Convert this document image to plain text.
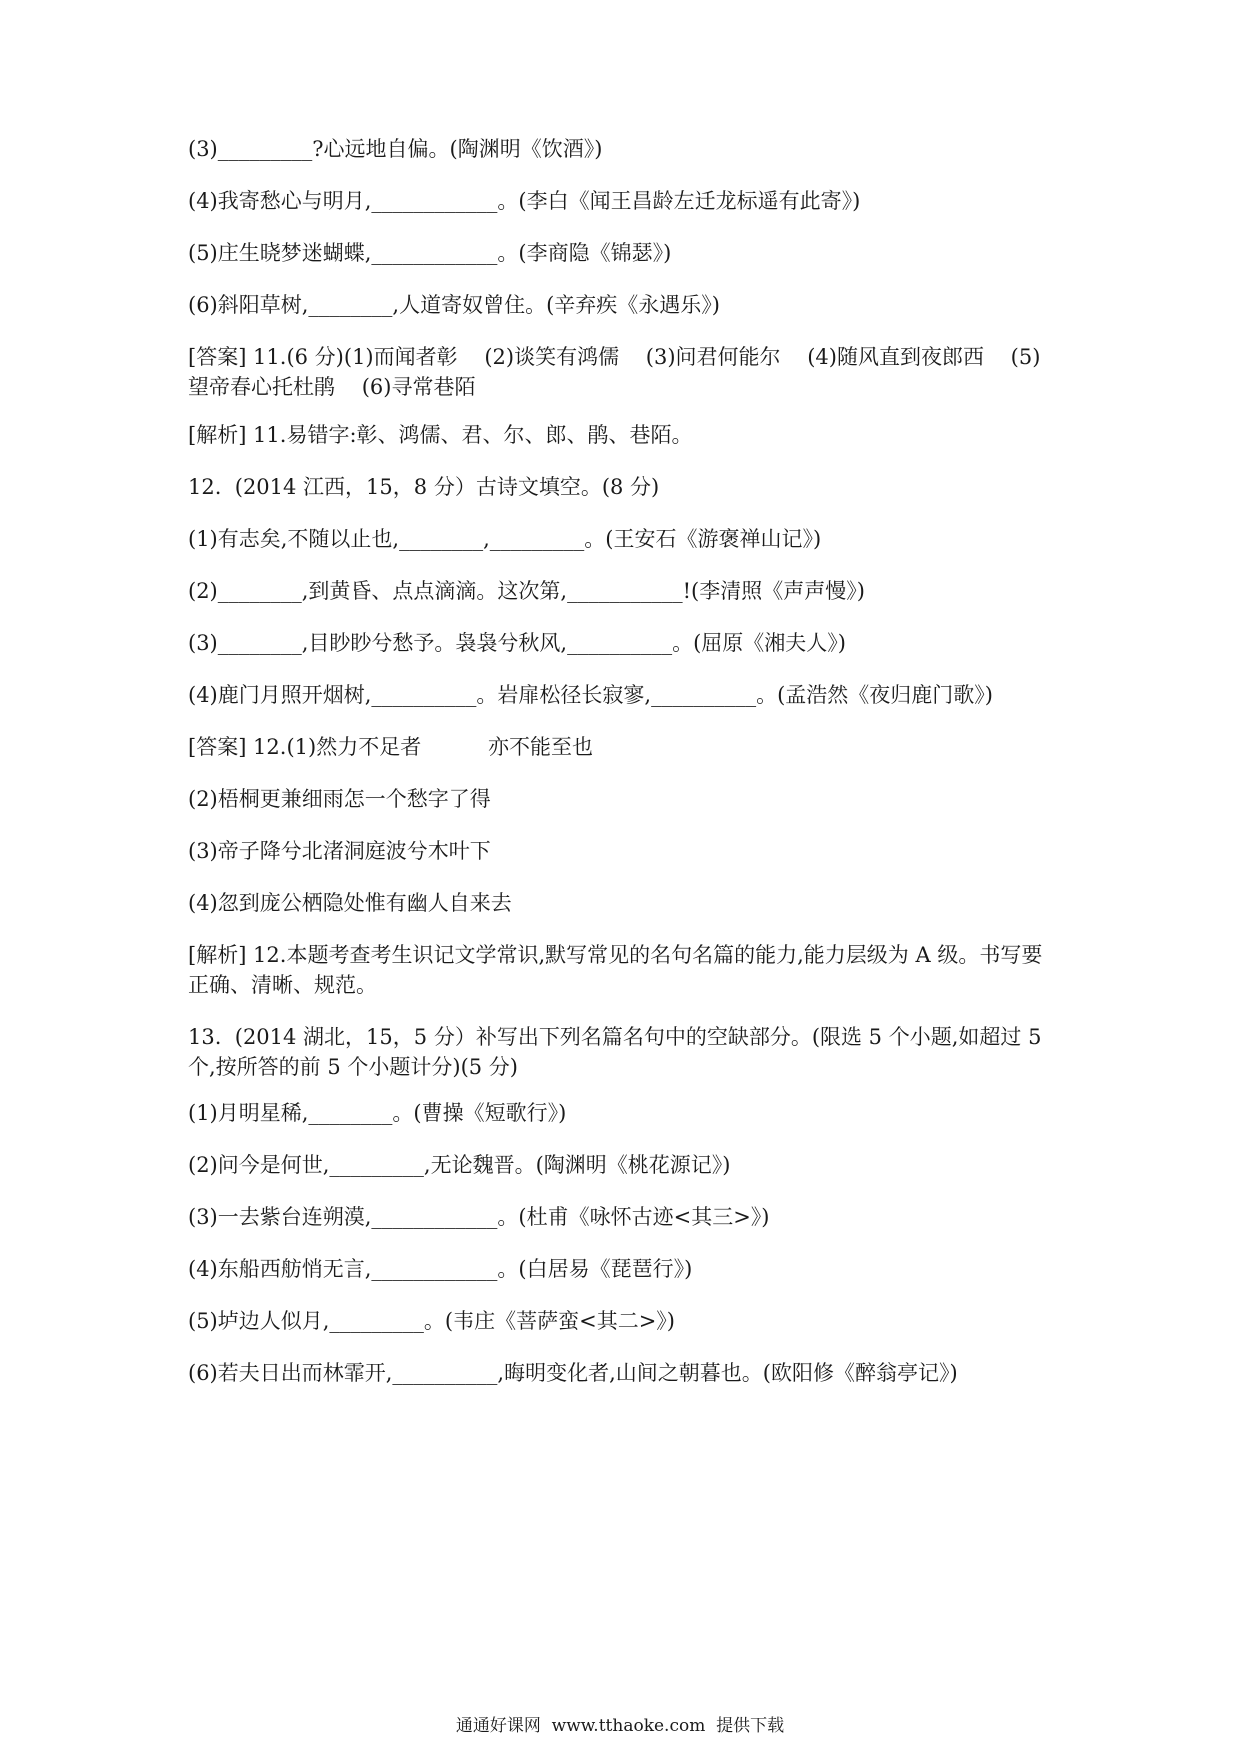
(3)_________?心远地自偏。(陶渊明《饮酒》)

(4)我寄愁心与明月,____________。(李白《闻王昌龄左迁龙标遥有此寄》)

(5)庄生晓梦迷蝴蝶,____________。(李商隐《锦瑟》)

(6)斜阳草树,________,人道寄奴曾住。(辛弃疾《永遇乐》)

[答案] 11.(6 分)(1)而闻者彰    (2)谈笑有鸿儒    (3)问君何能尔    (4)随风直到夜郎西    (5)
望帝春心托杜鹃    (6)寻常巷陌

[解析] 11.易错字:彰、鸿儒、君、尔、郎、鹃、巷陌。

12.  (2014 江西，15，8 分）古诗文填空。(8 分)

(1)有志矣,不随以止也,________,_________。(王安石《游褒禅山记》)

(2)________,到黄昏、点点滴滴。这次第,___________!(李清照《声声慢》)

(3)________,目眇眇兮愁予。袅袅兮秋风,__________。(屈原《湘夫人》)

(4)鹿门月照开烟树,__________。岩扉松径长寂寥,__________。(孟浩然《夜归鹿门歌》)

[答案] 12.(1)然力不足者          亦不能至也

(2)梧桐更兼细雨怎一个愁字了得

(3)帝子降兮北渚洞庭波兮木叶下

(4)忽到庞公栖隐处惟有幽人自来去

[解析] 12.本题考查考生识记文学常识,默写常见的名句名篇的能力,能力层级为 A 级。书写要
正确、清晰、规范。

13.  (2014 湖北，15，5 分）补写出下列名篇名句中的空缺部分。(限选 5 个小题,如超过 5
个,按所答的前 5 个小题计分)(5 分)

(1)月明星稀,________。(曹操《短歌行》)

(2)问今是何世,_________,无论魏晋。(陶渊明《桃花源记》)

(3)一去紫台连朔漠,____________。(杜甫《咏怀古迹<其三>》)

(4)东船西舫悄无言,____________。(白居易《琵琶行》)

(5)垆边人似月,_________。(韦庄《菩萨蛮<其二>》)

(6)若夫日出而林霏开,__________,晦明变化者,山间之朝暮也。(欧阳修《醉翁亭记》)

通通好课网  www.tthaoke.com  提供下载
